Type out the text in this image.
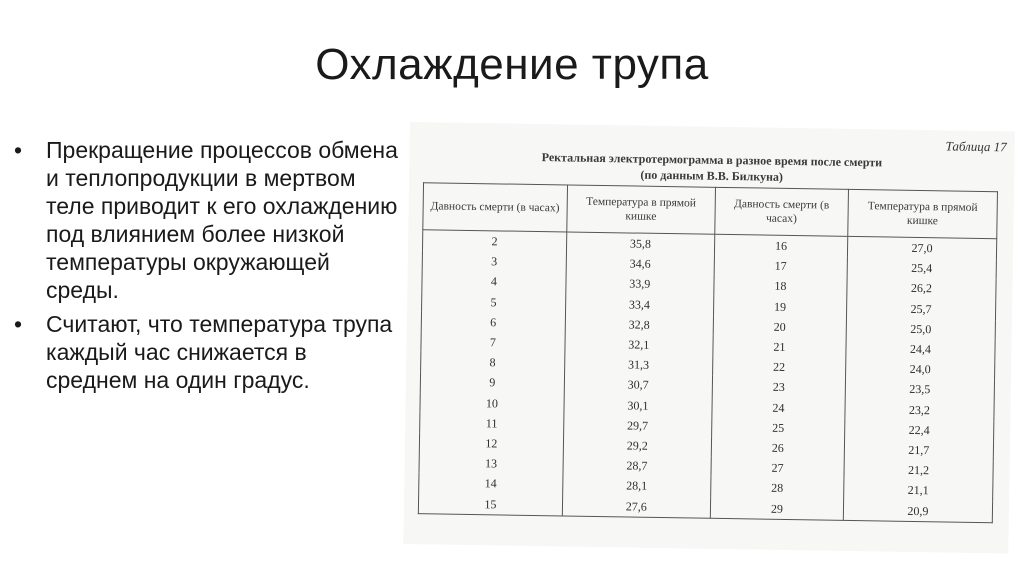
Охлаждение трупа
• Прекращение процессов обмена и теплопродукции в мертвом теле приводит к его охлаждению под влиянием более низкой температуры окружающей среды.
• Считают, что температура трупа каждый час снижается в среднем на один градус.
Таблица 17
Ректальная электротермограмма в разное время после смерти
(по данным В.В. Билкуна)
Давность смерти (в часах)	Температура в прямой кишке	Давность смерти (в часах)	Температура в прямой кишке
2	35,8	16	27,0
3	34,6	17	25,4
4	33,9	18	26,2
5	33,4	19	25,7
6	32,8	20	25,0
7	32,1	21	24,4
8	31,3	22	24,0
9	30,7	23	23,5
10	30,1	24	23,2
11	29,7	25	22,4
12	29,2	26	21,7
13	28,7	27	21,2
14	28,1	28	21,1
15	27,6	29	20,9
